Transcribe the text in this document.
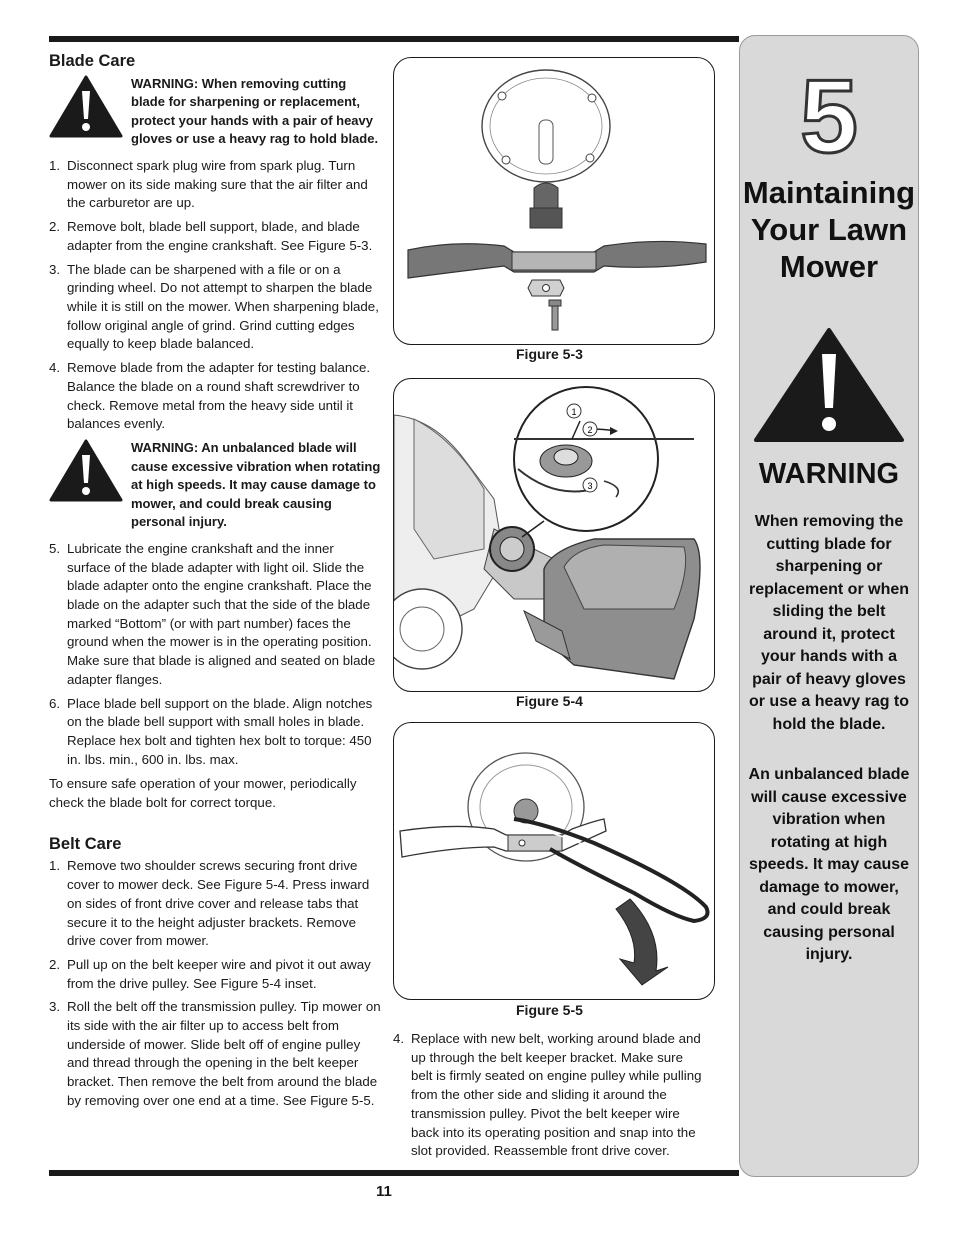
Blade Care
WARNING: When removing cutting blade for sharpening or replacement, protect your hands with a pair of heavy gloves or use a heavy rag to hold blade.
1. Disconnect spark plug wire from spark plug. Turn mower on its side making sure that the air filter and the carburetor are up.
2. Remove bolt, blade bell support, blade, and blade adapter from the engine crankshaft. See Figure 5-3.
3. The blade can be sharpened with a file or on a grinding wheel. Do not attempt to sharpen the blade while it is still on the mower. When sharpening blade, follow original angle of grind. Grind cutting edges equally to keep blade balanced.
4. Remove blade from the adapter for testing balance. Balance the blade on a round shaft screwdriver to check. Remove metal from the heavy side until it balances evenly.
WARNING: An unbalanced blade will cause excessive vibration when rotating at high speeds. It may cause damage to mower, and could break causing personal injury.
5. Lubricate the engine crankshaft and the inner surface of the blade adapter with light oil. Slide the blade adapter onto the engine crankshaft. Place the blade on the adapter such that the side of the blade marked “Bottom” (or with part number) faces the ground when the mower is in the operating position. Make sure that blade is aligned and seated on blade adapter flanges.
6. Place blade bell support on the blade. Align notches on the blade bell support with small holes in blade. Replace hex bolt and tighten hex bolt to torque: 450 in. lbs. min., 600 in. lbs. max.

To ensure safe operation of your mower, periodically check the blade bolt for correct torque.

Belt Care
1. Remove two shoulder screws securing front drive cover to mower deck. See Figure 5-4. Press inward on sides of front drive cover and release tabs that secure it to the height adjuster brackets. Remove drive cover from mower.
2. Pull up on the belt keeper wire and pivot it out away from the drive pulley. See Figure 5-4 inset.
3. Roll the belt off the transmission pulley. Tip mower on its side with the air filter up to access belt from underside of mower. Slide belt off of engine pulley and thread through the opening in the belt keeper bracket. Then remove the belt from around the blade by removing over one end at a time. See Figure 5-5.
Figure 5-3
1
2
3
Figure 5-4
Figure 5-5
4. Replace with new belt, working around blade and up through the belt keeper bracket. Make sure belt is firmly seated on engine pulley while pulling from the other side and sliding it around the transmission pulley. Pivot the belt keeper wire back into its operating position and snap into the slot provided. Reassemble front drive cover.
5
Maintaining Your Lawn Mower
WARNING
When removing the cutting blade for sharpening or replacement or when sliding the belt around it, protect your hands with a pair of heavy gloves or use a heavy rag to hold the blade.
An unbalanced blade will cause excessive vibration when rotating at high speeds. It may cause damage to mower, and could break causing personal injury.
11
